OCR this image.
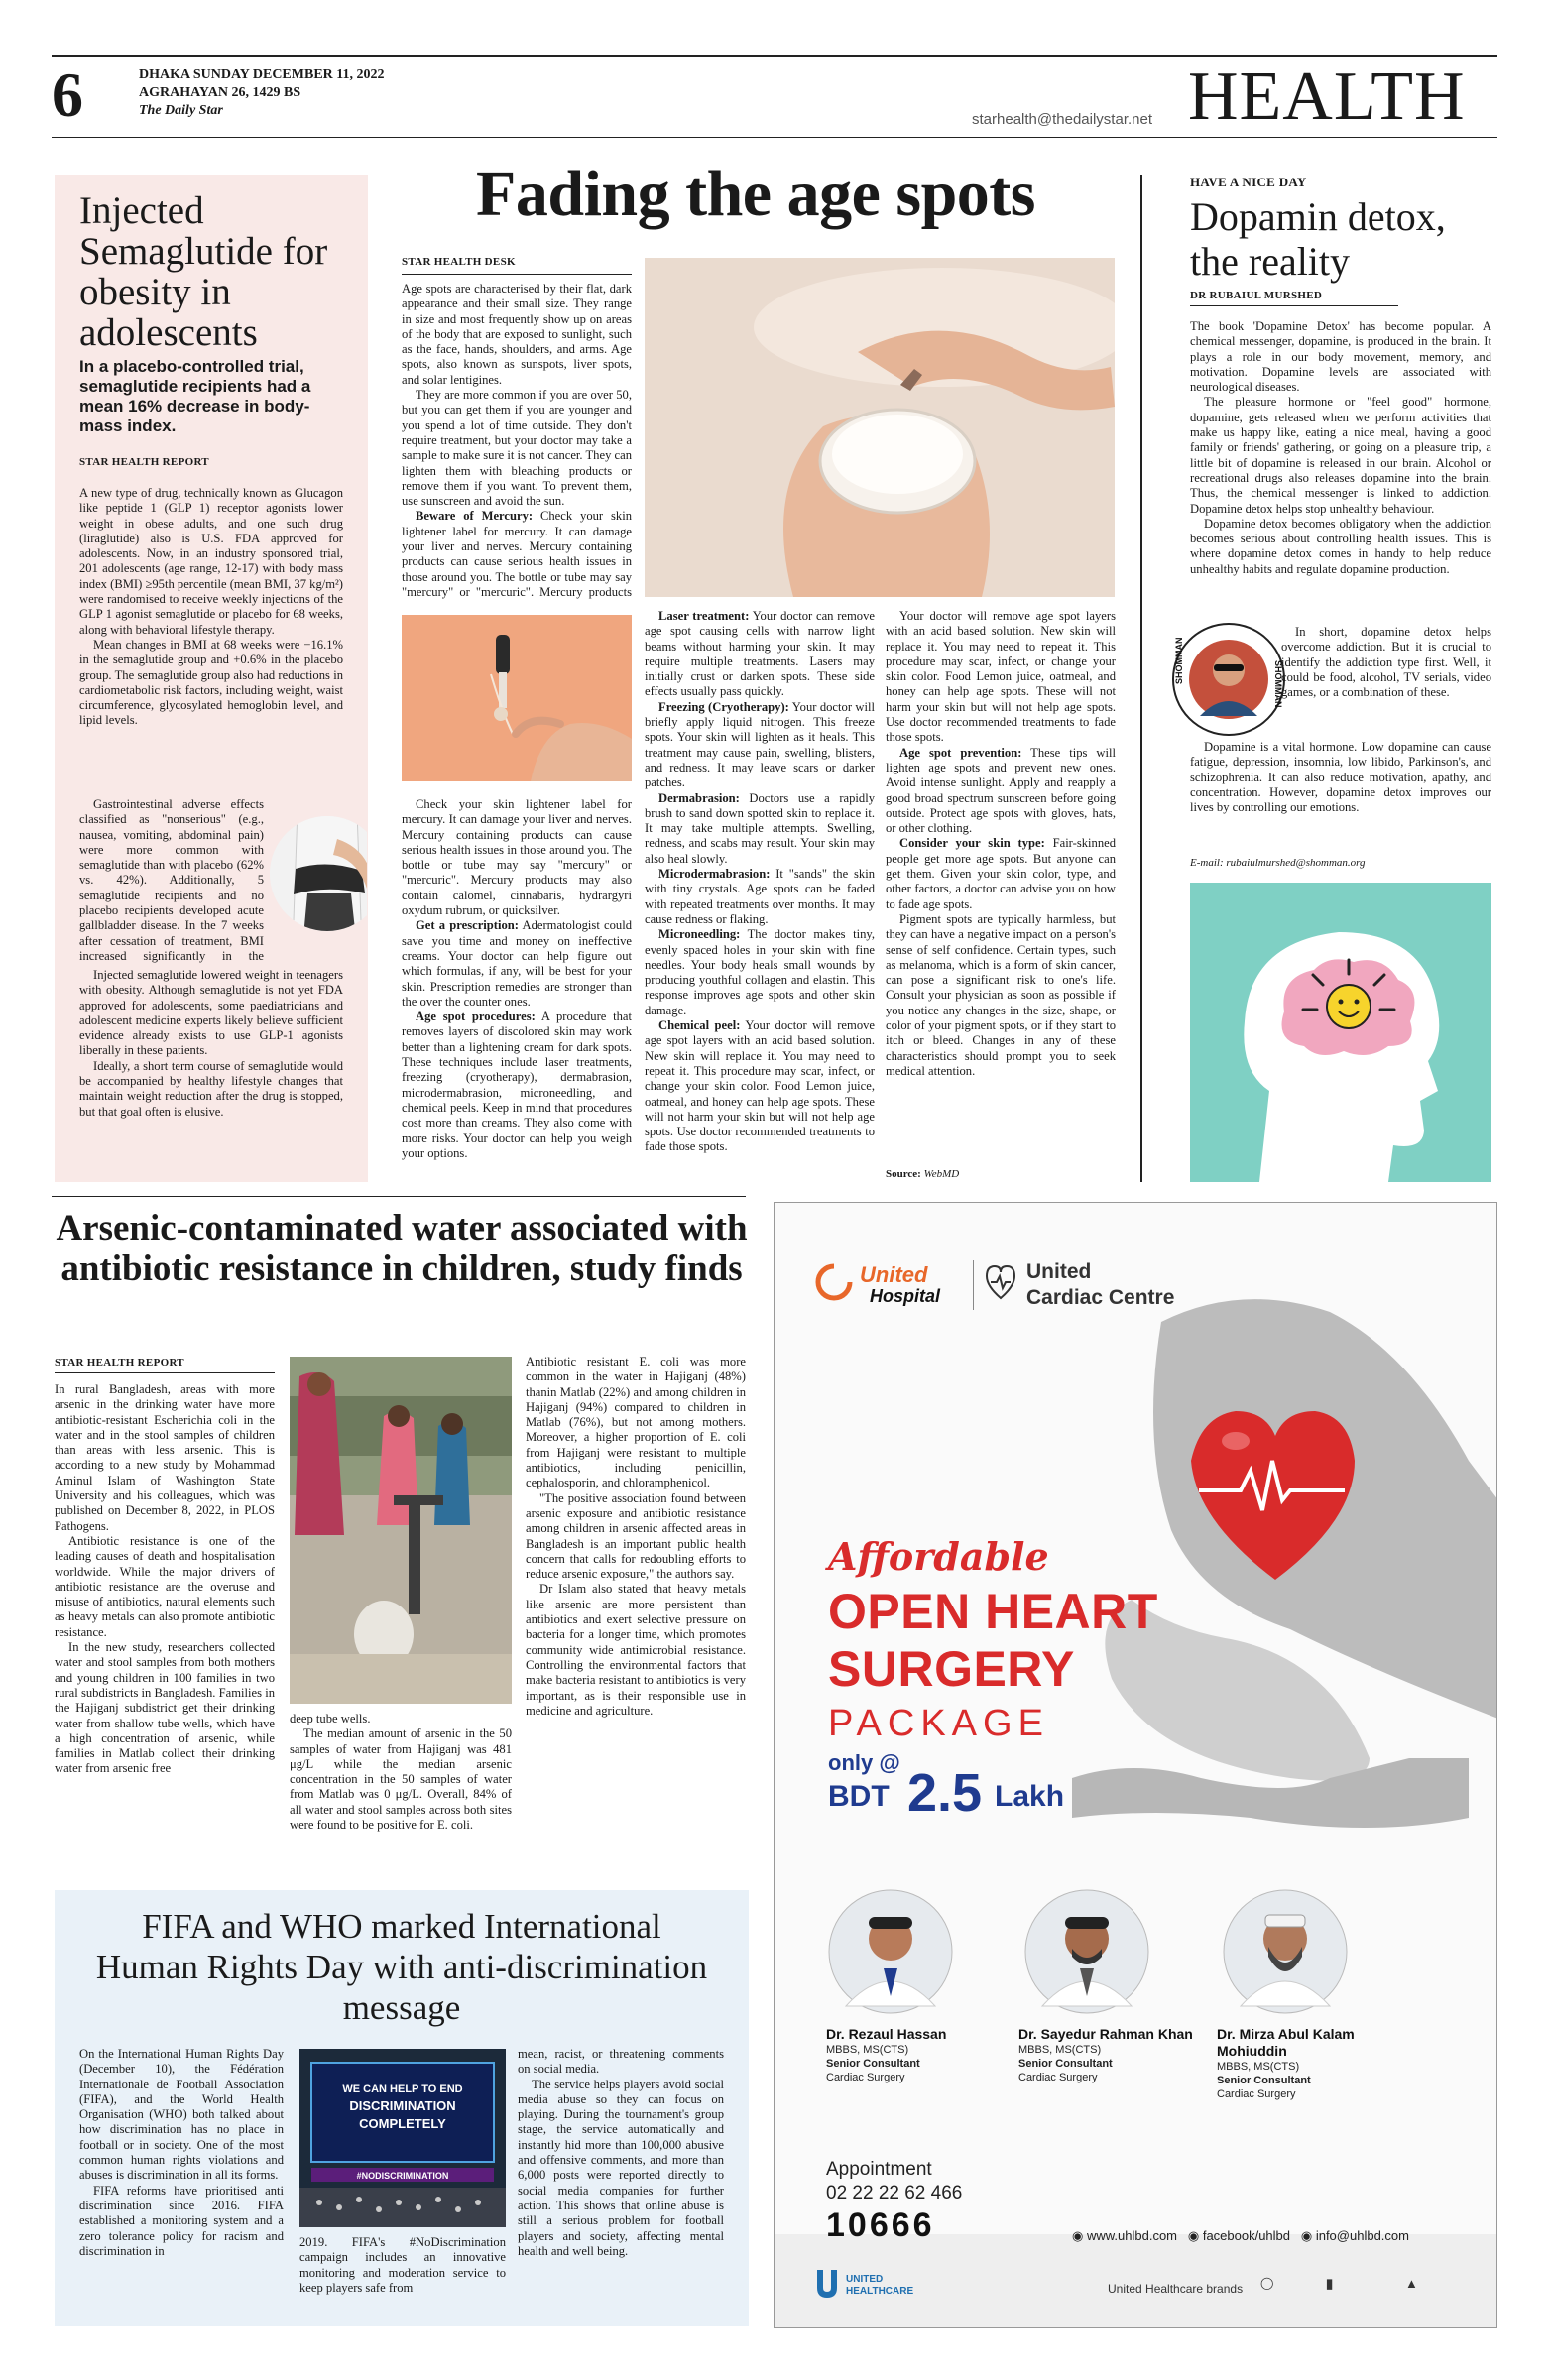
6	DHAKA SUNDAY DECEMBER 11, 2022
AGRAHAYAN 26, 1429 BS
The Daily Star
starhealth@thedailystar.net HEALTH
Injected Semaglutide for obesity in adolescents
In a placebo-controlled trial, semaglutide recipients had a mean 16% decrease in body-mass index.
STAR HEALTH REPORT

A new type of drug, technically known as Glucagon like peptide 1 (GLP 1) receptor agonists lower weight in obese adults, and one such drug (liraglutide) also is U.S. FDA approved for adolescents. Now, in an industry sponsored trial, 201 adolescents (age range, 12-17) with body mass index (BMI) ≥95th percentile (mean BMI, 37 kg/m²) were randomised to receive weekly injections of the GLP 1 agonist semaglutide or placebo for 68 weeks, along with behavioral lifestyle therapy.

Mean changes in BMI at 68 weeks were −16.1% in the semaglutide group and +0.6% in the placebo group. The semaglutide group also had reductions in cardiometabolic risk factors, including weight, waist circumference, glycosylated hemoglobin level, and lipid levels.

Gastrointestinal adverse effects classified as "nonserious" (e.g., nausea, vomiting, abdominal pain) were more common with semaglutide than with placebo (62% vs. 42%). Additionally, 5 semaglutide recipients and no placebo recipients developed acute gallbladder disease. In the 7 weeks after cessation of treatment, BMI increased significantly in the

Injected semaglutide lowered weight in teenagers with obesity. Although semaglutide is not yet FDA approved for adolescents, some paediatricians and adolescent medicine experts likely believe sufficient evidence already exists to use GLP-1 agonists liberally in these patients.

Ideally, a short term course of semaglutide would be accompanied by healthy lifestyle changes that maintain weight reduction after the drug is stopped, but that goal often is elusive.

Fading the age spots
STAR HEALTH DESK

Age spots are characterised by their flat, dark appearance and their small size. They range in size and most frequently show up on areas of the body that are exposed to sunlight, such as the face, hands, shoulders, and arms. Age spots, also known as sunspots, liver spots, and solar lentigines.

They are more common if you are over 50, but you can get them if you are younger and you spend a lot of time outside. They don't require treatment, but your doctor may take a sample to make sure it is not cancer. They can lighten them with bleaching products or remove them if you want. To prevent them, use sunscreen and avoid the sun.

Beware of Mercury: Check your skin lightener label for mercury. It can damage your liver and nerves. Mercury containing products can cause serious health issues in those around you. The bottle or tube may say "mercury" or "mercuric". Mercury products

Check your skin lightener label for mercury. It can damage your liver and nerves. Mercury containing products can cause serious health issues in those around you. The bottle or tube may say "mercury" or "mercuric". Mercury products may also contain calomel, cinnabaris, hydrargyri oxydum rubrum, or quicksilver.

Get a prescription: Adermatologist could save you time and money on ineffective creams. Your doctor can help figure out which formulas, if any, will be best for your skin. Prescription remedies are stronger than the over the counter ones.

Age spot procedures: A procedure that removes layers of discolored skin may work better than a lightening cream for dark spots. These techniques include laser treatments, freezing (cryotherapy), dermabrasion, microdermabrasion, microneedling, and chemical peels. Keep in mind that procedures cost more than creams. They also come with more risks. Your doctor can help you weigh your options.

Laser treatment: Your doctor can remove age spot causing cells with narrow light beams without harming your skin. It may require multiple treatments. Lasers may initially crust or darken spots. These side effects usually pass quickly.

Freezing (Cryotherapy): Your doctor will briefly apply liquid nitrogen. This freeze spots. Your skin will lighten as it heals. This treatment may cause pain, swelling, blisters, and redness. It may leave scars or darker patches.

Dermabrasion: Doctors use a rapidly brush to sand down spotted skin to replace it. It may take multiple attempts. Swelling, redness, and scabs may result. Your skin may also heal slowly.

Microdermabrasion: It "sands" the skin with tiny crystals. Age spots can be faded with repeated treatments over months. It may cause redness or flaking.

Microneedling: The doctor makes tiny, evenly spaced holes in your skin with fine needles. Your body heals small wounds by producing youthful collagen and elastin. This response improves age spots and other skin damage.

Chemical peel: Your doctor will remove age spot layers with an acid based solution. New skin will replace it. You may need to repeat it. This procedure may scar, infect, or change your skin color. Food Lemon juice, oatmeal, and honey can help age spots. These will not harm your skin but will not help age spots. Use doctor recommended treatments to fade those spots.

Your doctor will remove age spot layers with an acid based solution. New skin will replace it. You may need to repeat it. This procedure may scar, infect, or change your skin color. Food Lemon juice, oatmeal, and honey can help age spots. These will not harm your skin but will not help age spots. Use doctor recommended treatments to fade those spots.

Age spot prevention: These tips will lighten age spots and prevent new ones. Avoid intense sunlight. Apply and reapply a good broad spectrum sunscreen before going outside. Protect age spots with gloves, hats, or other clothing.

Consider your skin type: Fair-skinned people get more age spots. But anyone can get them. Given your skin color, type, and other factors, a doctor can advise you on how to fade age spots.

Pigment spots are typically harmless, but they can have a negative impact on a person's sense of self confidence. Certain types, such as melanoma, which is a form of skin cancer, can pose a significant risk to one's life. Consult your physician as soon as possible if you notice any changes in the size, shape, or color of your pigment spots, or if they start to itch or bleed. Changes in any of these characteristics should prompt you to seek medical attention.

Source: WebMD
HAVE A NICE DAY
Dopamin detox, the reality
DR RUBAIUL MURSHED

The book 'Dopamine Detox' has become popular. A chemical messenger, dopamine, is produced in the brain. It plays a role in our body movement, memory, and motivation. Dopamine levels are associated with neurological diseases.

The pleasure hormone or "feel good" hormone, dopamine, gets released when we perform activities that make us happy like, eating a nice meal, having a good family or friends' gathering, or going on a pleasure trip, a little bit of dopamine is released in our brain. Alcohol or recreational drugs also releases dopamine into the brain. Thus, the chemical messenger is linked to addiction. Dopamine detox helps stop unhealthy behaviour.

Dopamine detox becomes obligatory when the addiction becomes serious about controlling health issues. This is where dopamine detox comes in handy to help reduce unhealthy habits and regulate dopamine production.

SHOMMAN	SHOMMAN

In short, dopamine detox helps overcome addiction. But it is crucial to identify the addiction type first. Well, it could be food, alcohol, TV serials, video games, or a combination of these.

Dopamine is a vital hormone. Low dopamine can cause fatigue, depression, insomnia, low libido, Parkinson's, and schizophrenia. It can also reduce motivation, apathy, and concentration. However, dopamine detox improves our lives by controlling our emotions.

E-mail: rubaiulmurshed@shomman.org
Arsenic-contaminated water associated with antibiotic resistance in children, study finds
STAR HEALTH REPORT

In rural Bangladesh, areas with more arsenic in the drinking water have more antibiotic-resistant Escherichia coli in the water and in the stool samples of children than areas with less arsenic. This is according to a new study by Mohammad Aminul Islam of Washington State University and his colleagues, which was published on December 8, 2022, in PLOS Pathogens.

Antibiotic resistance is one of the leading causes of death and hospitalisation worldwide. While the major drivers of antibiotic resistance are the overuse and misuse of antibiotics, natural elements such as heavy metals can also promote antibiotic resistance.

In the new study, researchers collected water and stool samples from both mothers and young children in 100 families in two rural subdistricts in Bangladesh. Families in the Hajiganj subdistrict get their drinking water from shallow tube wells, which have a high concentration of arsenic, while families in Matlab collect their drinking water from arsenic free

deep tube wells.

The median amount of arsenic in the 50 samples of water from Hajiganj was 481 μg/L while the median arsenic concentration in the 50 samples of water from Matlab was 0 μg/L. Overall, 84% of all water and stool samples across both sites were found to be positive for E. coli.

Antibiotic resistant E. coli was more common in the water in Hajiganj (48%) thanin Matlab (22%) and among children in Hajiganj (94%) compared to children in Matlab (76%), but not among mothers. Moreover, a higher proportion of E. coli from Hajiganj were resistant to multiple antibiotics, including penicillin, cephalosporin, and chloramphenicol.

"The positive association found between arsenic exposure and antibiotic resistance among children in arsenic affected areas in Bangladesh is an important public health concern that calls for redoubling efforts to reduce arsenic exposure," the authors say.

Dr Islam also stated that heavy metals like arsenic are more persistent than antibiotics and exert selective pressure on bacteria for a longer time, which promotes community wide antimicrobial resistance. Controlling the environmental factors that make bacteria resistant to antibiotics is very important, as is their responsible use in medicine and agriculture.

FIFA and WHO marked International Human Rights Day with anti-discrimination message

On the International Human Rights Day (December 10), the Fédération Internationale de Football Association (FIFA), and the World Health Organisation (WHO) both talked about how discrimination has no place in football or in society. One of the most common human rights violations and abuses is discrimination in all its forms.

FIFA reforms have prioritised anti discrimination since 2016. FIFA established a monitoring system and a zero tolerance policy for racism and discrimination in

WE CAN HELP TO END
DISCRIMINATION
COMPLETELY
#NODISCRIMINATION

2019. FIFA's #NoDiscrimination campaign includes an innovative monitoring and moderation service to keep players safe from

mean, racist, or threatening comments on social media.

The service helps players avoid social media abuse so they can focus on playing. During the tournament's group stage, the service automatically and instantly hid more than 100,000 abusive and offensive comments, and more than 6,000 posts were reported directly to social media companies for further action. This shows that online abuse is still a serious problem for football players and society, affecting mental health and well being.

United
Hospital
United
Cardiac Centre
Affordable
OPEN HEART
SURGERY
PACKAGE
only @
BDT 2.5 Lakh
Dr. Rezaul Hassan
MBBS, MS(CTS)
Senior Consultant
Cardiac Surgery
Dr. Sayedur Rahman Khan
MBBS, MS(CTS)
Senior Consultant
Cardiac Surgery
Dr. Mirza Abul Kalam Mohiuddin
MBBS, MS(CTS)
Senior Consultant
Cardiac Surgery
Appointment
02 22 22 62 466
10666	◉ www.uhlbd.com ◉ facebook/uhlbd ◉ info@uhlbd.com
UNITED HEALTHCARE	United Healthcare brands ◯	▮	▲
